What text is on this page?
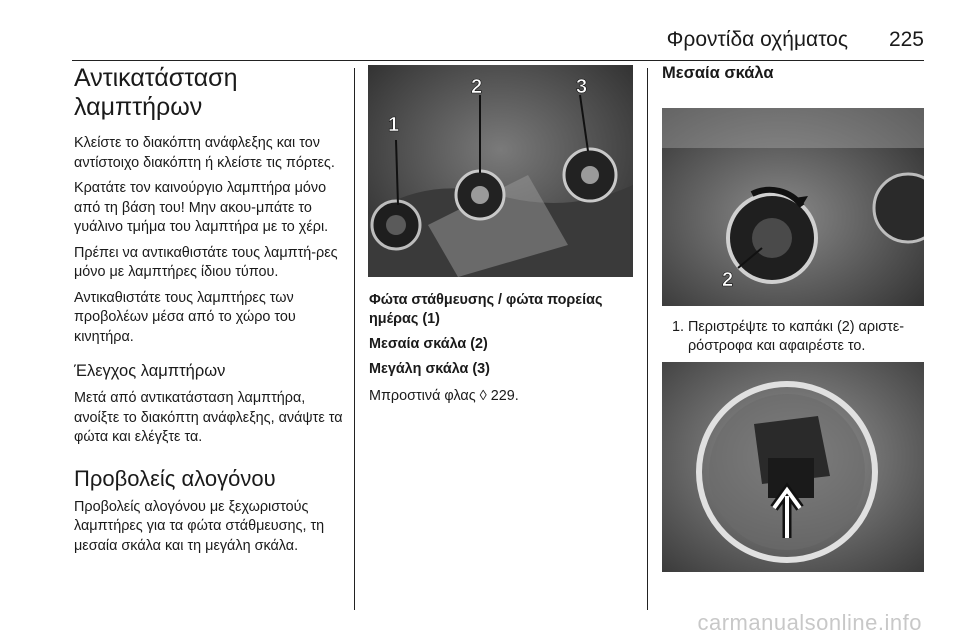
Φροντίδα οχήματος 225
Αντικατάσταση λαμπτήρων

Κλείστε το διακόπτη ανάφλεξης και τον αντίστοιχο διακόπτη ή κλείστε τις πόρτες.

Κρατάτε τον καινούργιο λαμπτήρα μόνο από τη βάση του! Μην ακου-μπάτε το γυάλινο τμήμα του λαμπτήρα με το χέρι.

Πρέπει να αντικαθιστάτε τους λαμπτή-ρες μόνο με λαμπτήρες ίδιου τύπου.

Αντικαθιστάτε τους λαμπτήρες των προβολέων μέσα από το χώρο του κινητήρα.

Έλεγχος λαμπτήρων

Μετά από αντικατάσταση λαμπτήρα, ανοίξτε το διακόπτη ανάφλεξης, ανάψτε τα φώτα και ελέγξτε τα.

Προβολείς αλογόνου

Προβολείς αλογόνου με ξεχωριστούς λαμπτήρες για τα φώτα στάθμευσης, τη μεσαία σκάλα και τη μεγάλη σκάλα.

1
2	3
Φώτα στάθμευσης / φώτα πορείας ημέρας (1)
Μεσαία σκάλα (2)
Μεγάλη σκάλα (3)
Μπροστινά φλας ◊ 229.
Μεσαία σκάλα
2
1. Περιστρέψτε το καπάκι (2) αριστε-ρόστροφα και αφαιρέστε το.
carmanualsonline.info
